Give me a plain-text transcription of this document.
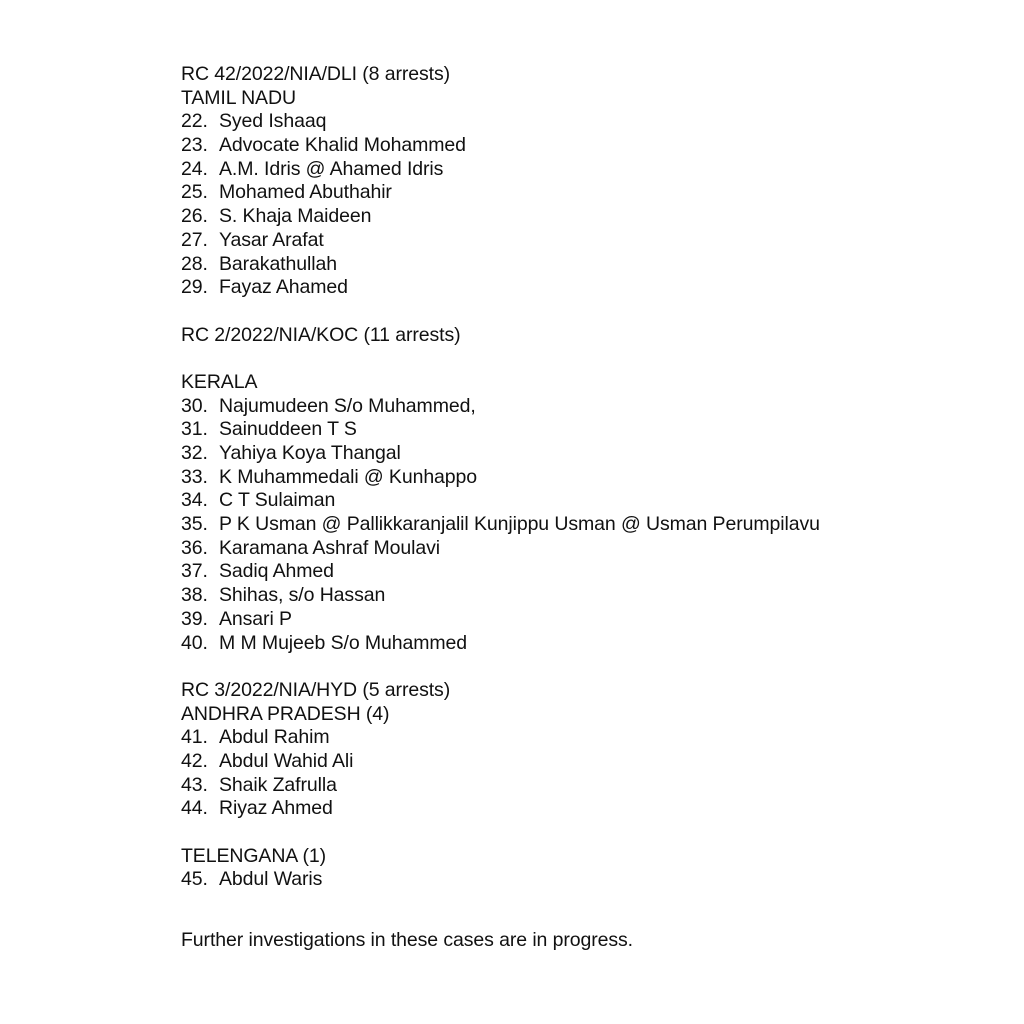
RC 42/2022/NIA/DLI (8 arrests)
TAMIL NADU
22. Syed Ishaaq
23. Advocate Khalid Mohammed
24. A.M. Idris @ Ahamed Idris
25. Mohamed Abuthahir
26. S. Khaja Maideen
27. Yasar Arafat
28. Barakathullah
29. Fayaz Ahamed
RC 2/2022/NIA/KOC (11 arrests)
KERALA
30. Najumudeen S/o Muhammed,
31. Sainuddeen T S
32. Yahiya Koya Thangal
33. K Muhammedali @ Kunhappo
34. C T Sulaiman
35. P K Usman @ Pallikkaranjalil Kunjippu Usman @ Usman Perumpilavu
36. Karamana Ashraf Moulavi
37. Sadiq Ahmed
38. Shihas, s/o Hassan
39. Ansari P
40. M M Mujeeb S/o Muhammed
RC 3/2022/NIA/HYD (5 arrests)
ANDHRA PRADESH (4)
41. Abdul Rahim
42. Abdul Wahid Ali
43. Shaik Zafrulla
44. Riyaz Ahmed
TELENGANA (1)
45. Abdul Waris
Further investigations in these cases are in progress.
